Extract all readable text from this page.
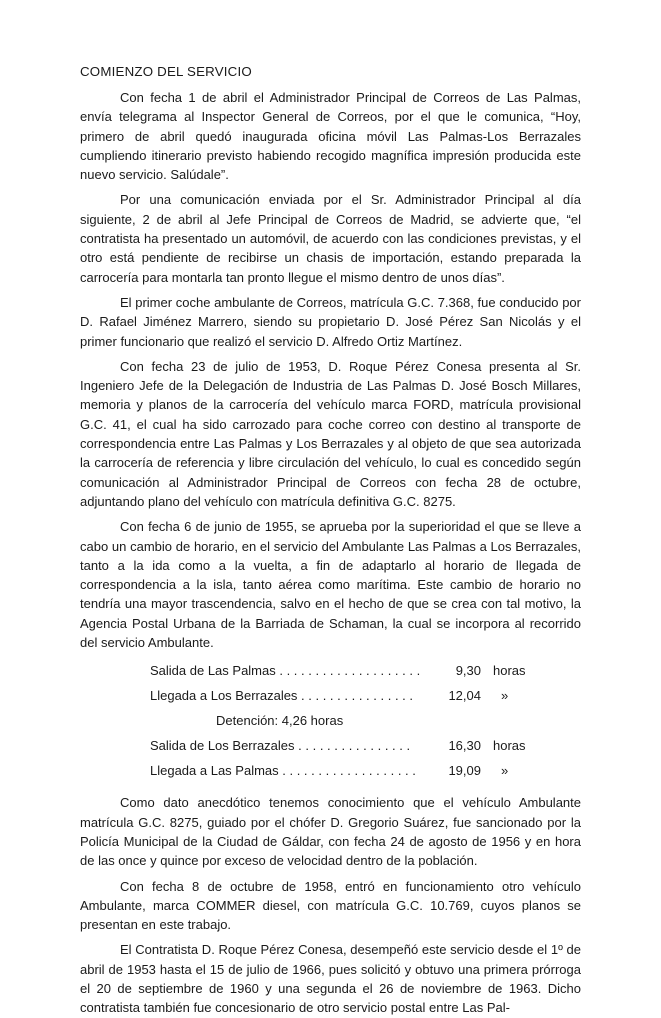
COMIENZO DEL SERVICIO

Con fecha 1 de abril el Administrador Principal de Correos de Las Palmas, envía telegrama al Inspector General de Correos, por el que le comunica, “Hoy, primero de abril quedó inaugurada oficina móvil Las Palmas-Los Berrazales cumpliendo itinerario previsto habiendo recogido magnífica impresión producida este nuevo servicio. Salúdale”.

Por una comunicación enviada por el Sr. Administrador Principal al día siguiente, 2 de abril al Jefe Principal de Correos de Madrid, se advierte que, “el contratista ha presentado un automóvil, de acuerdo con las condiciones previstas, y el otro está pendiente de recibirse un chasis de importación, estando preparada la carrocería para montarla tan pronto llegue el mismo dentro de unos días”.

El primer coche ambulante de Correos, matrícula G.C. 7.368, fue conducido por D. Rafael Jiménez Marrero, siendo su propietario D. José Pérez San Nicolás y el primer funcionario que realizó el servicio D. Alfredo Ortiz Martínez.

Con fecha 23 de julio de 1953, D. Roque Pérez Conesa presenta al Sr. Ingeniero Jefe de la Delegación de Industria de Las Palmas D. José Bosch Millares, memoria y planos de la carrocería del vehículo marca FORD, matrícula provisional G.C. 41, el cual ha sido carrozado para coche correo con destino al transporte de correspondencia entre Las Palmas y Los Berrazales y al objeto de que sea autorizada la carrocería de referencia y libre circulación del vehículo, lo cual es concedido según comunicación al Administrador Principal de Correos con fecha 28 de octubre, adjuntando plano del vehículo con matrícula definitiva G.C. 8275.

Con fecha 6 de junio de 1955, se aprueba por la superioridad el que se lleve a cabo un cambio de horario, en el servicio del Ambulante Las Palmas a Los Berrazales, tanto a la ida como a la vuelta, a fin de adaptarlo al horario de llegada de correspondencia a la isla, tanto aérea como marítima. Este cambio de horario no tendría una mayor trascendencia, salvo en el hecho de que se crea con tal motivo, la Agencia Postal Urbana de la Barriada de Schaman, la cual se incorpora al recorrido del servicio Ambulante.

Salida de Las Palmas . . . . . . . . . . . . . . . . . . . .	9,30 horas
Llegada a Los Berrazales . . . . . . . . . . . . . . . .	12,04	»
Detención: 4,26 horas
Salida de Los Berrazales . . . . . . . . . . . . . . . .	16,30 horas
Llegada a Las Palmas . . . . . . . . . . . . . . . . . . .	19,09	»

Como dato anecdótico tenemos conocimiento que el vehículo Ambulante matrícula G.C. 8275, guiado por el chófer D. Gregorio Suárez, fue sancionado por la Policía Municipal de la Ciudad de Gáldar, con fecha 24 de agosto de 1956 y en hora de las once y quince por exceso de velocidad dentro de la población.

Con fecha 8 de octubre de 1958, entró en funcionamiento otro vehículo Ambulante, marca COMMER diesel, con matrícula G.C. 10.769, cuyos planos se presentan en este trabajo.

El Contratista D. Roque Pérez Conesa, desempeñó este servicio desde el 1º de abril de 1953 hasta el 15 de julio de 1966, pues solicitó y obtuvo una primera prórroga el 20 de septiembre de 1960 y una segunda el 26 de noviembre de 1963. Dicho contratista también fue concesionario de otro servicio postal entre Las Pal-
